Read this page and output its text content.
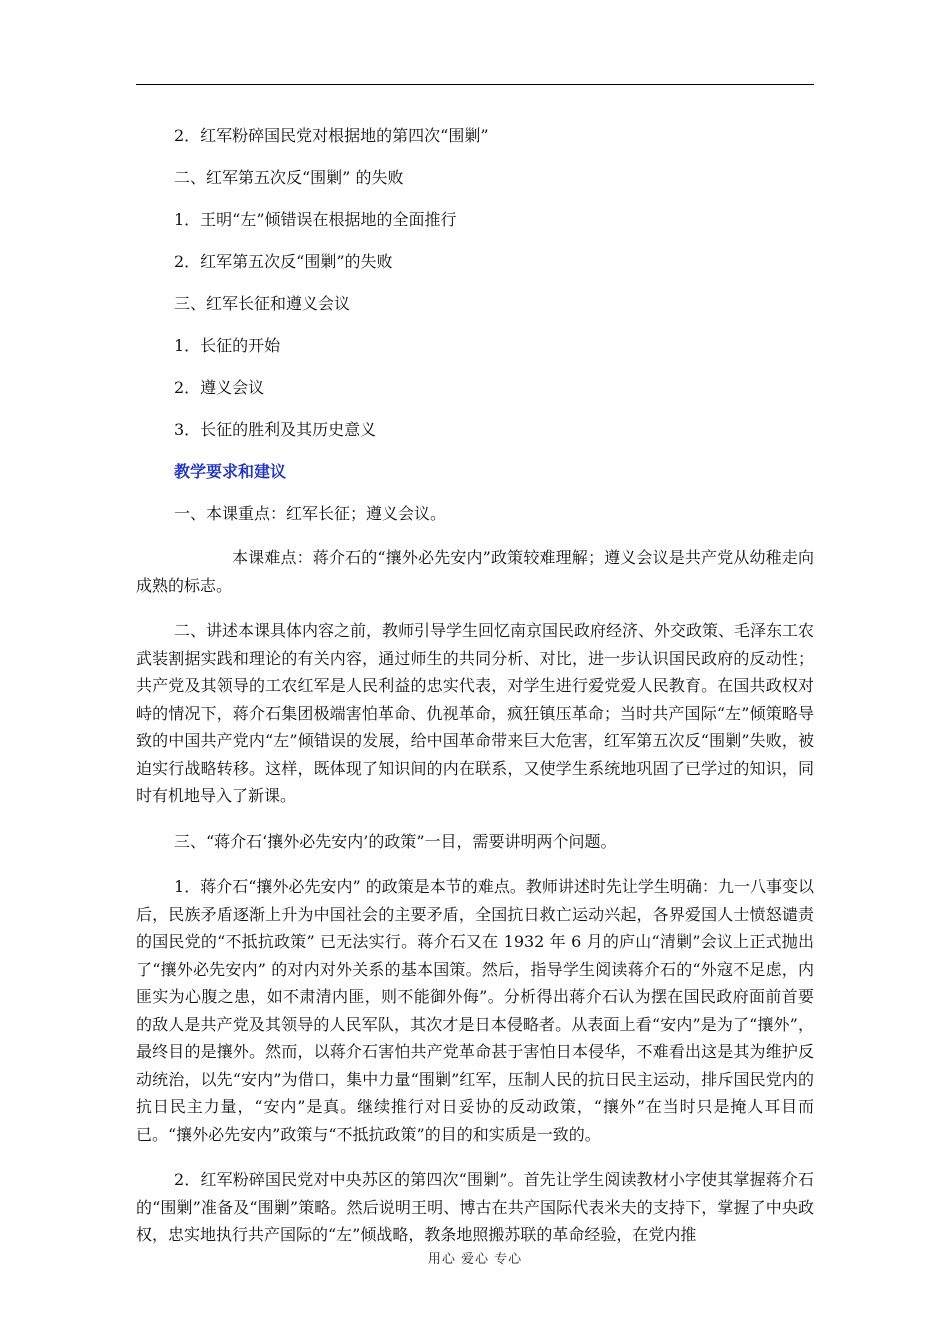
2．红军粉碎国民党对根据地的第四次“围剿”
二、红军第五次反“围剿” 的失败
1．王明“左”倾错误在根据地的全面推行
2．红军第五次反“围剿”的失败
三、红军长征和遵义会议
1．长征的开始
2．遵义会议
3．长征的胜利及其历史意义
教学要求和建议
一、本课重点：红军长征；遵义会议。

本课难点：蒋介石的“攘外必先安内”政策较难理解；遵义会议是共产党从幼稚走向成熟的标志。

二、讲述本课具体内容之前，教师引导学生回忆南京国民政府经济、外交政策、毛泽东工农武装割据实践和理论的有关内容，通过师生的共同分析、对比，进一步认识国民政府的反动性；共产党及其领导的工农红军是人民利益的忠实代表，对学生进行爱党爱人民教育。在国共政权对峙的情况下，蒋介石集团极端害怕革命、仇视革命，疯狂镇压革命；当时共产国际“左”倾策略导致的中国共产党内“左”倾错误的发展，给中国革命带来巨大危害，红军第五次反“围剿”失败，被迫实行战略转移。这样，既体现了知识间的内在联系，又使学生系统地巩固了已学过的知识，同时有机地导入了新课。

三、“蒋介石‘攘外必先安内’的政策”一目，需要讲明两个问题。

1．蒋介石“攘外必先安内” 的政策是本节的难点。教师讲述时先让学生明确：九一八事变以后，民族矛盾逐渐上升为中国社会的主要矛盾，全国抗日救亡运动兴起，各界爱国人士愤怒谴责的国民党的“不抵抗政策” 已无法实行。蒋介石又在 1932 年 6 月的庐山“清剿”会议上正式抛出了“攘外必先安内” 的对内对外关系的基本国策。然后，指导学生阅读蒋介石的“外寇不足虑，内匪实为心腹之患，如不肃清内匪，则不能御外侮”。分析得出蒋介石认为摆在国民政府面前首要的敌人是共产党及其领导的人民军队，其次才是日本侵略者。从表面上看“安内”是为了“攘外”，最终目的是攘外。然而，以蒋介石害怕共产党革命甚于害怕日本侵华，不难看出这是其为维护反动统治，以先“安内”为借口，集中力量“围剿”红军，压制人民的抗日民主运动，排斥国民党内的抗日民主力量，“安内”是真。继续推行对日妥协的反动政策，“攘外”在当时只是掩人耳目而已。“攘外必先安内”政策与“不抵抗政策”的目的和实质是一致的。

2．红军粉碎国民党对中央苏区的第四次“围剿”。首先让学生阅读教材小字使其掌握蒋介石的“围剿”准备及“围剿”策略。然后说明王明、博古在共产国际代表米夫的支持下，掌握了中央政权，忠实地执行共产国际的“左”倾战略，教条地照搬苏联的革命经验，在党内推

用心 爱心 专心
